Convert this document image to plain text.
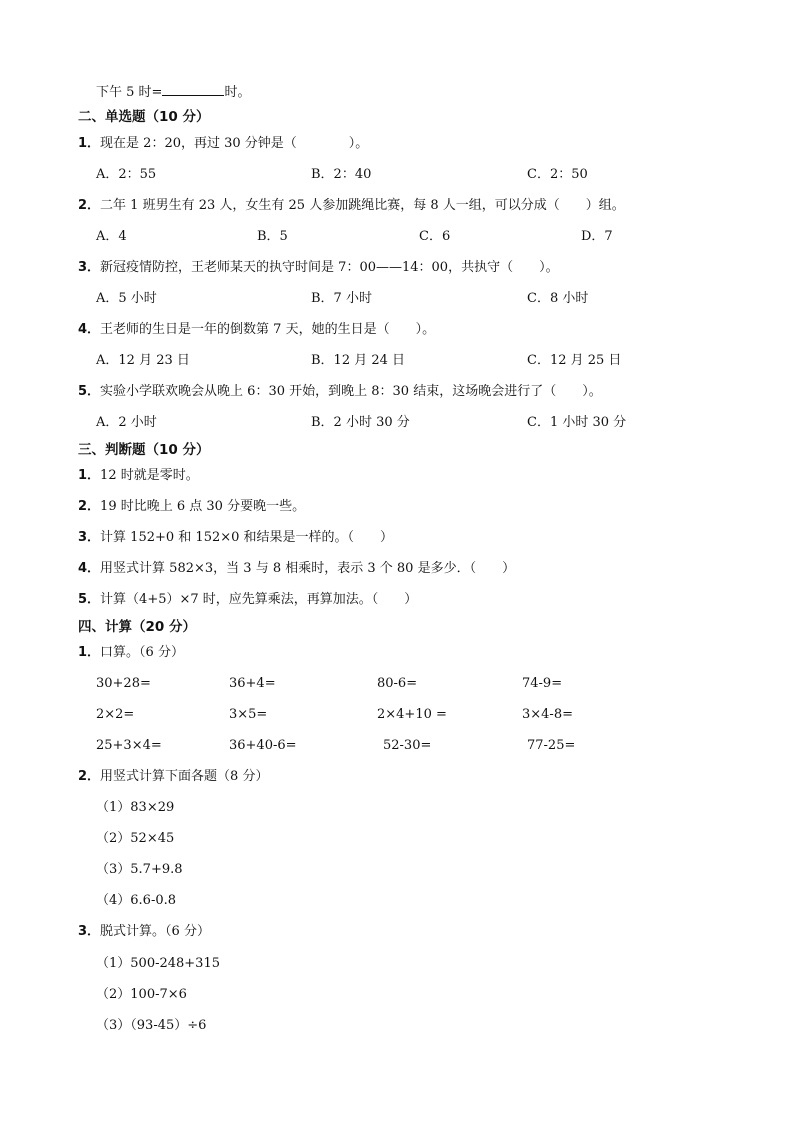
下午 5 时=	时。
二、单选题（10 分）
1．现在是 2：20，再过 30 分钟是（　　　　）。
A．2：55	B．2：40	C．2：50
2．二年 1 班男生有 23 人，女生有 25 人参加跳绳比赛，每 8 人一组，可以分成（　　）组。
A．4	B．5	C．6	D．7
3．新冠疫情防控，王老师某天的执守时间是 7：00——14：00，共执守（　　）。
A．5 小时	B．7 小时	C．8 小时
4．王老师的生日是一年的倒数第 7 天，她的生日是（　　）。
A．12 月 23 日	B．12 月 24 日	C．12 月 25 日
5．实验小学联欢晚会从晚上 6：30 开始，到晚上 8：30 结束，这场晚会进行了（　　）。
A．2 小时	B．2 小时 30 分	C．1 小时 30 分
三、判断题（10 分）
1．12 时就是零时。
2．19 时比晚上 6 点 30 分要晚一些。
3．计算 152+0 和 152×0 和结果是一样的。（　　）
4．用竖式计算 582×3，当 3 与 8 相乘时，表示 3 个 80 是多少．（　　）
5．计算（4+5）×7 时，应先算乘法，再算加法。（　　）
四、计算（20 分）
1．口算。（6 分）
30+28=	36+4=	80-6=	74-9=
2×2=	3×5=	2×4+10 =	3×4-8=
25+3×4=	36+40-6=	52-30=	77-25=
2．用竖式计算下面各题（8 分）
（1）83×29
（2）52×45
（3）5.7+9.8
（4）6.6-0.8
3．脱式计算。（6 分）
（1）500-248+315
（2）100-7×6
（3）（93-45）÷6
